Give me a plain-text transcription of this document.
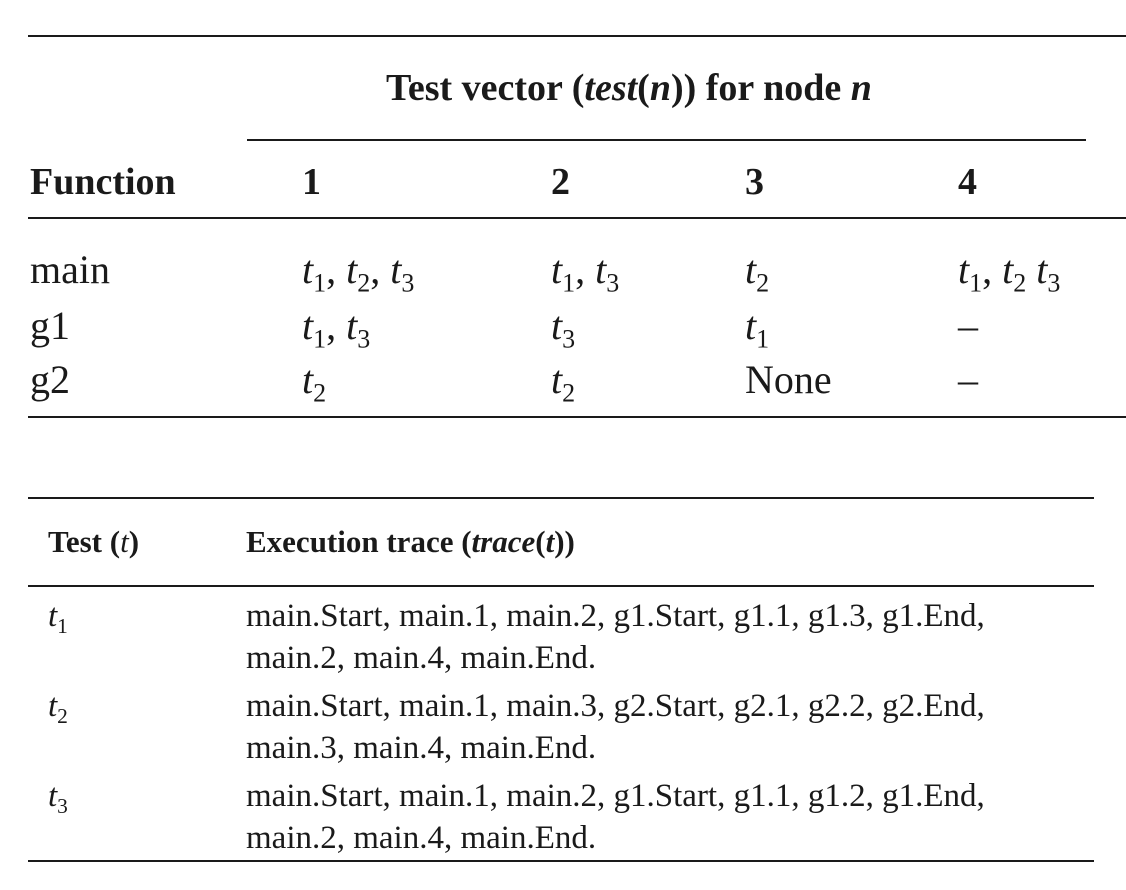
Test vector (test(n)) for node n
Function	1	2	3	4
main	$t_1$, $t_2$, $t_3$	$t_1$, $t_3$	$t_2$	$t_1$, $t_2$ $t_3$
g1	$t_1$, $t_3$	$t_3$	$t_1$	–
g2	$t_2$	$t_2$	None	–
Test (t)	Execution trace (trace(t))
$t_1$	main.Start, main.1, main.2, g1.Start, g1.1, g1.3, g1.End,
main.2, main.4, main.End.
$t_2$	main.Start, main.1, main.3, g2.Start, g2.1, g2.2, g2.End,
main.3, main.4, main.End.
$t_3$	main.Start, main.1, main.2, g1.Start, g1.1, g1.2, g1.End,
main.2, main.4, main.End.
